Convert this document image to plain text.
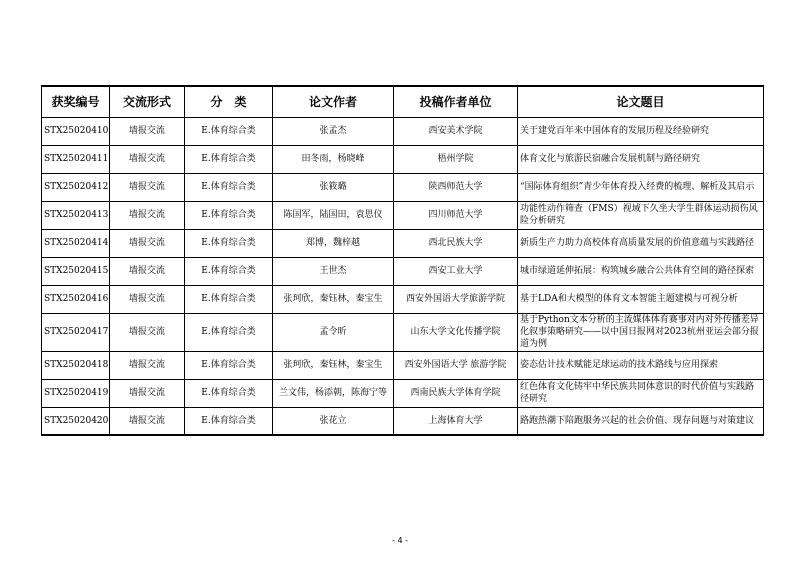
获奖编号	交流形式	分　类	论文作者	投稿作者单位	论文题目
STX25020410	墙报交流	E.体育综合类	张孟杰	西安美术学院	关于建党百年来中国体育的发展历程及经验研究
STX25020411	墙报交流	E.体育综合类	田冬雨，杨晓峰	梧州学院	体育文化与旅游民宿融合发展机制与路径研究
STX25020412	墙报交流	E.体育综合类	张筱璐	陕西师范大学	“国际体育组织”青少年体育投入经费的梳理、解析及其启示
STX25020413	墙报交流	E.体育综合类	陈国军，陆国田，袁思仪	四川师范大学	功能性动作筛查（FMS）视域下久坐大学生群体运动损伤风险分析研究
STX25020414	墙报交流	E.体育综合类	郑博，魏梓越	西北民族大学	新质生产力助力高校体育高质量发展的价值意蕴与实践路径
STX25020415	墙报交流	E.体育综合类	王世杰	西安工业大学	城市绿道延伸拓展：构筑城乡融合公共体育空间的路径探索
STX25020416	墙报交流	E.体育综合类	张珂欣，秦钰林，秦宝生	西安外国语大学旅游学院	基于LDA和大模型的体育文本智能主题建模与可视分析
STX25020417	墙报交流	E.体育综合类	孟令昕	山东大学文化传播学院	基于Python文本分析的主流媒体体育赛事对内对外传播差异化叙事策略研究——以中国日报网对2023杭州亚运会部分报道为例
STX25020418	墙报交流	E.体育综合类	张珂欣，秦钰林，秦宝生	西安外国语大学 旅游学院	姿态估计技术赋能足球运动的技术路线与应用探索
STX25020419	墙报交流	E.体育综合类	兰文伟，杨添朝，陈海宁等	西南民族大学体育学院	红色体育文化铸牢中华民族共同体意识的时代价值与实践路径研究
STX25020420	墙报交流	E.体育综合类	张花立	上海体育大学	路跑热潮下陪跑服务兴起的社会价值、现存问题与对策建议
- 4 -
